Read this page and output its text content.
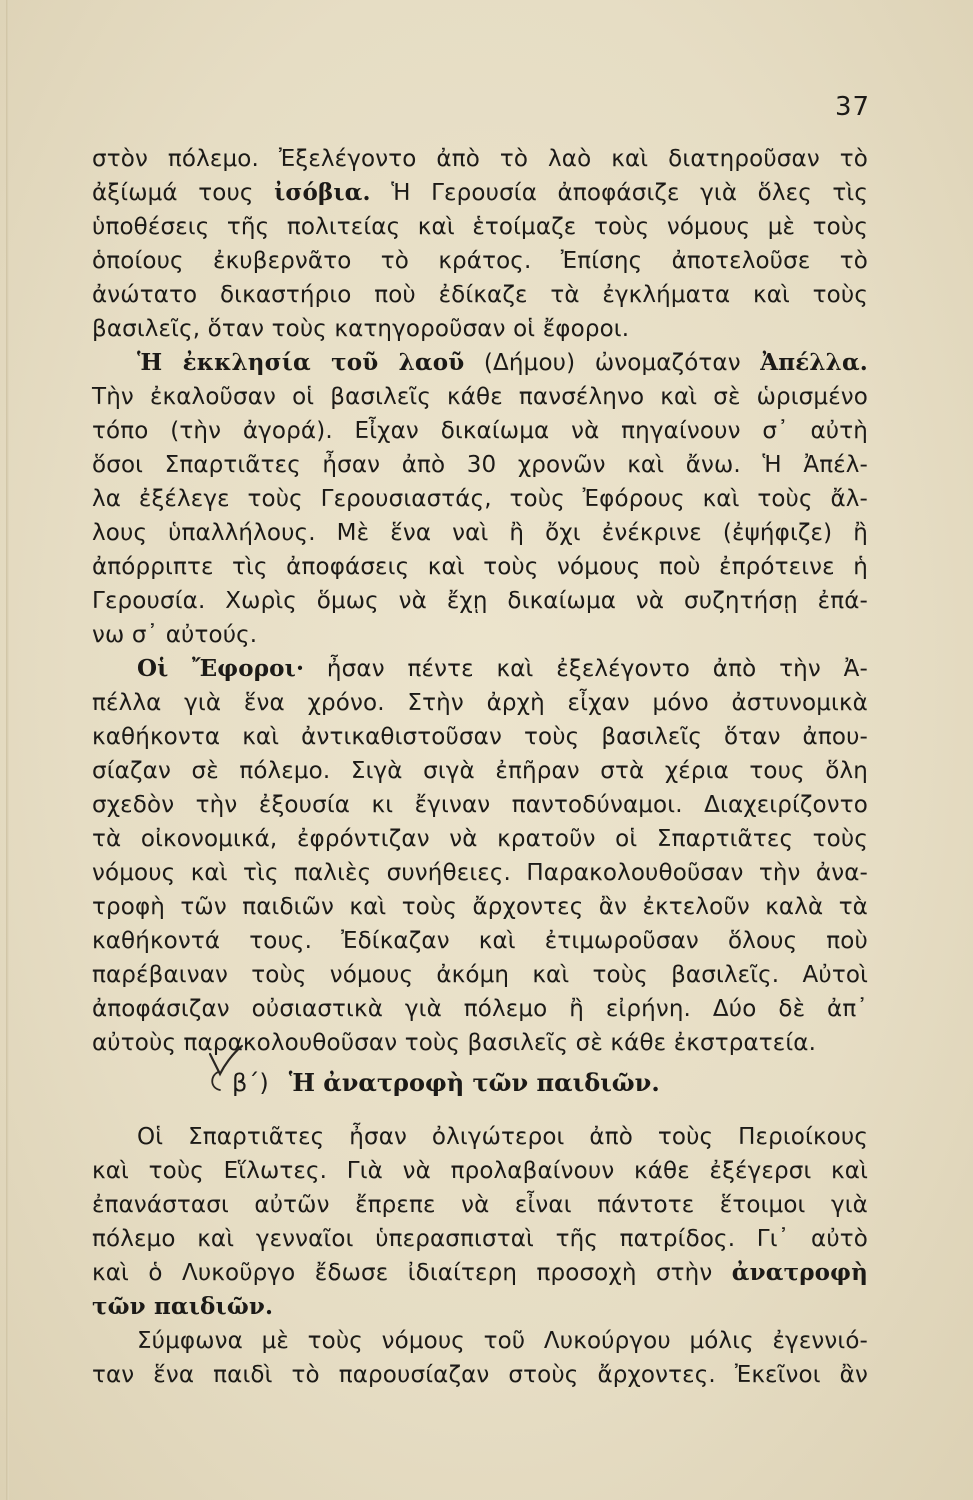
37
στὸν πόλεμο. Ἐξελέγοντο ἀπὸ τὸ λαὸ καὶ διατηροῦσαν τὸ
ἀξίωμά τους ἰσόβια. Ἡ Γερουσία ἀποφάσιζε γιὰ ὅλες τὶς
ὑποθέσεις τῆς πολιτείας καὶ ἑτοίμαζε τοὺς νόμους μὲ τοὺς
ὁποίους ἐκυβερνᾶτο τὸ κράτος. Ἐπίσης ἀποτελοῦσε τὸ
ἀνώτατο δικαστήριο ποὺ ἐδίκαζε τὰ ἐγκλήματα καὶ τοὺς
βασιλεῖς, ὅταν τοὺς κατηγοροῦσαν οἱ ἔφοροι.
Ἡ ἐκκλησία τοῦ λαοῦ (Δήμου) ὠνομαζόταν Ἀπέλλα.
Τὴν ἐκαλοῦσαν οἱ βασιλεῖς κάθε πανσέληνο καὶ σὲ ὡρισμένο
τόπο (τὴν ἀγορά). Εἶχαν δικαίωμα νὰ πηγαίνουν σ᾽ αὐτὴ
ὅσοι Σπαρτιᾶτες ἦσαν ἀπὸ 30 χρονῶν καὶ ἄνω. Ἡ Ἀπέλ-
λα ἐξέλεγε τοὺς Γερουσιαστάς, τοὺς Ἐφόρους καὶ τοὺς ἄλ-
λους ὑπαλλήλους. Μὲ ἕνα ναὶ ἢ ὄχι ἐνέκρινε (ἐψήφιζε) ἢ
ἀπόρριπτε τὶς ἀποφάσεις καὶ τοὺς νόμους ποὺ ἐπρότεινε ἡ
Γερουσία. Χωρὶς ὅμως νὰ ἔχῃ δικαίωμα νὰ συζητήσῃ ἐπά-
νω σ᾽ αὐτούς.
Οἱ Ἔφοροι· ἦσαν πέντε καὶ ἐξελέγοντο ἀπὸ τὴν Ἀ-
πέλλα γιὰ ἕνα χρόνο. Στὴν ἀρχὴ εἶχαν μόνο ἀστυνομικὰ
καθήκοντα καὶ ἀντικαθιστοῦσαν τοὺς βασιλεῖς ὅταν ἀπου-
σίαζαν σὲ πόλεμο. Σιγὰ σιγὰ ἐπῆραν στὰ χέρια τους ὅλη
σχεδὸν τὴν ἐξουσία κι ἔγιναν παντοδύναμοι. Διαχειρίζοντο
τὰ οἰκονομικά, ἐφρόντιζαν νὰ κρατοῦν οἱ Σπαρτιᾶτες τοὺς
νόμους καὶ τὶς παλιὲς συνήθειες. Παρακολουθοῦσαν τὴν ἀνα-
τροφὴ τῶν παιδιῶν καὶ τοὺς ἄρχοντες ἂν ἐκτελοῦν καλὰ τὰ
καθήκοντά τους. Ἐδίκαζαν καὶ ἐτιμωροῦσαν ὅλους ποὺ
παρέβαιναν τοὺς νόμους ἀκόμη καὶ τοὺς βασιλεῖς. Αὐτοὶ
ἀποφάσιζαν οὐσιαστικὰ γιὰ πόλεμο ἢ εἰρήνη. Δύο δὲ ἀπ᾽
αὐτοὺς παρακολουθοῦσαν τοὺς βασιλεῖς σὲ κάθε ἐκστρατεία.
β΄) Ἡ ἀνατροφὴ τῶν παιδιῶν.
Οἱ Σπαρτιᾶτες ἦσαν ὀλιγώτεροι ἀπὸ τοὺς Περιοίκους
καὶ τοὺς Εἵλωτες. Γιὰ νὰ προλαβαίνουν κάθε ἐξέγερσι καὶ
ἐπανάστασι αὐτῶν ἔπρεπε νὰ εἶναι πάντοτε ἕτοιμοι γιὰ
πόλεμο καὶ γενναῖοι ὑπερασπισταὶ τῆς πατρίδος. Γι᾽ αὐτὸ
καὶ ὁ Λυκοῦργο ἔδωσε ἰδιαίτερη προσοχὴ στὴν ἀνατροφὴ
τῶν παιδιῶν.
Σύμφωνα μὲ τοὺς νόμους τοῦ Λυκούργου μόλις ἐγεννιό-
ταν ἕνα παιδὶ τὸ παρουσίαζαν στοὺς ἄρχοντες. Ἐκεῖνοι ἂν
